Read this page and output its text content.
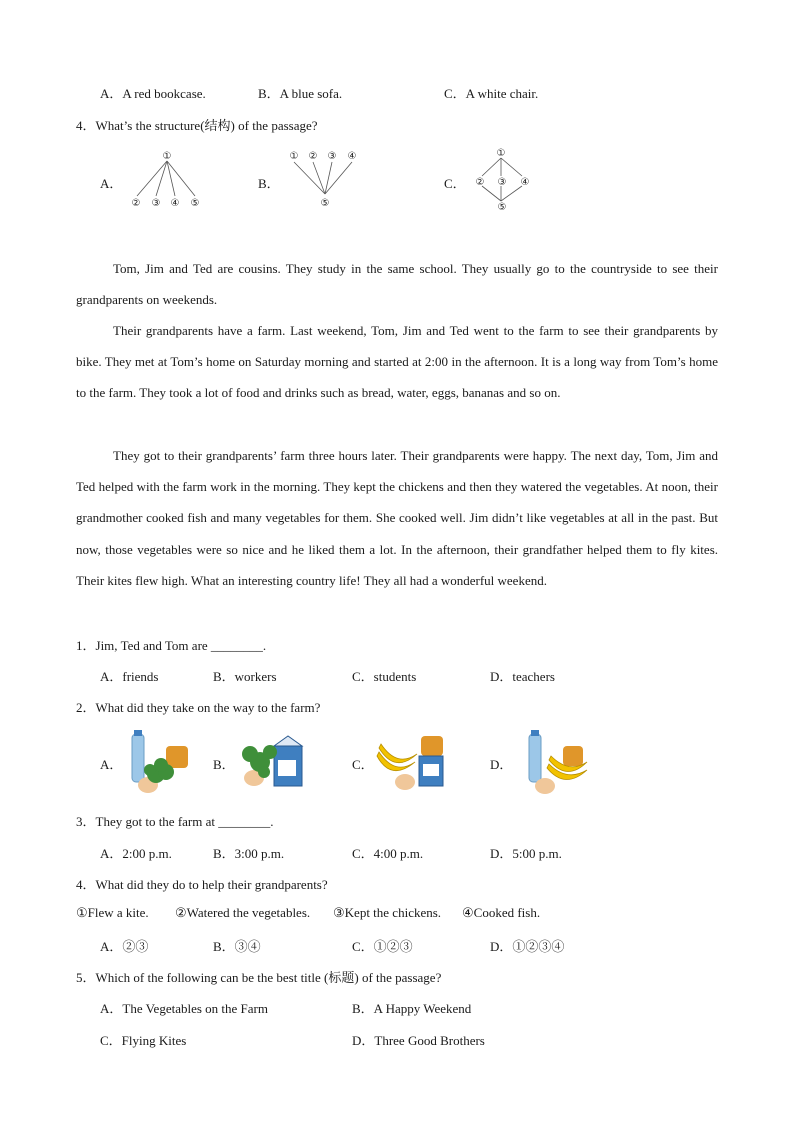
A．A red bookcase.	B．A blue sofa.	C．A white chair.
4．What’s the structure(结构) of the passage?
A．
①
② ③ ④ ⑤
B．
① ② ③ ④
⑤
C．
①
② ③ ④
⑤
Tom, Jim and Ted are cousins. They study in the same school. They usually go to the countryside to see their grandparents on weekends.
Their grandparents have a farm. Last weekend, Tom, Jim and Ted went to the farm to see their grandparents by bike. They met at Tom’s home on Saturday morning and started at 2:00 in the afternoon. It is a long way from Tom’s home to the farm. They took a lot of food and drinks such as bread, water, eggs, bananas and so on.
They got to their grandparents’ farm three hours later. Their grandparents were happy. The next day, Tom, Jim and Ted helped with the farm work in the morning. They kept the chickens and then they watered the vegetables. At noon, their grandmother cooked fish and many vegetables for them. She cooked well. Jim didn’t like vegetables at all in the past. But now, those vegetables were so nice and he liked them a lot. In the afternoon, their grandfather helped them to fly kites. Their kites flew high. What an interesting country life! They all had a wonderful weekend.
1．Jim, Ted and Tom are ________.
A．friends	B．workers	C．students	D．teachers
2．What did they take on the way to the farm?
A．	B．	C．	D．
3．They got to the farm at ________.
A．2:00 p.m.	B．3:00 p.m.	C．4:00 p.m.	D．5:00 p.m.
4．What did they do to help their grandparents?
①Flew a kite. ②Watered the vegetables. ③Kept the chickens. ④Cooked fish.
A．②③	B．③④	C．①②③	D．①②③④
5．Which of the following can be the best title (标题) of the passage?
A．The Vegetables on the Farm	B．A Happy Weekend
C．Flying Kites	D．Three Good Brothers
